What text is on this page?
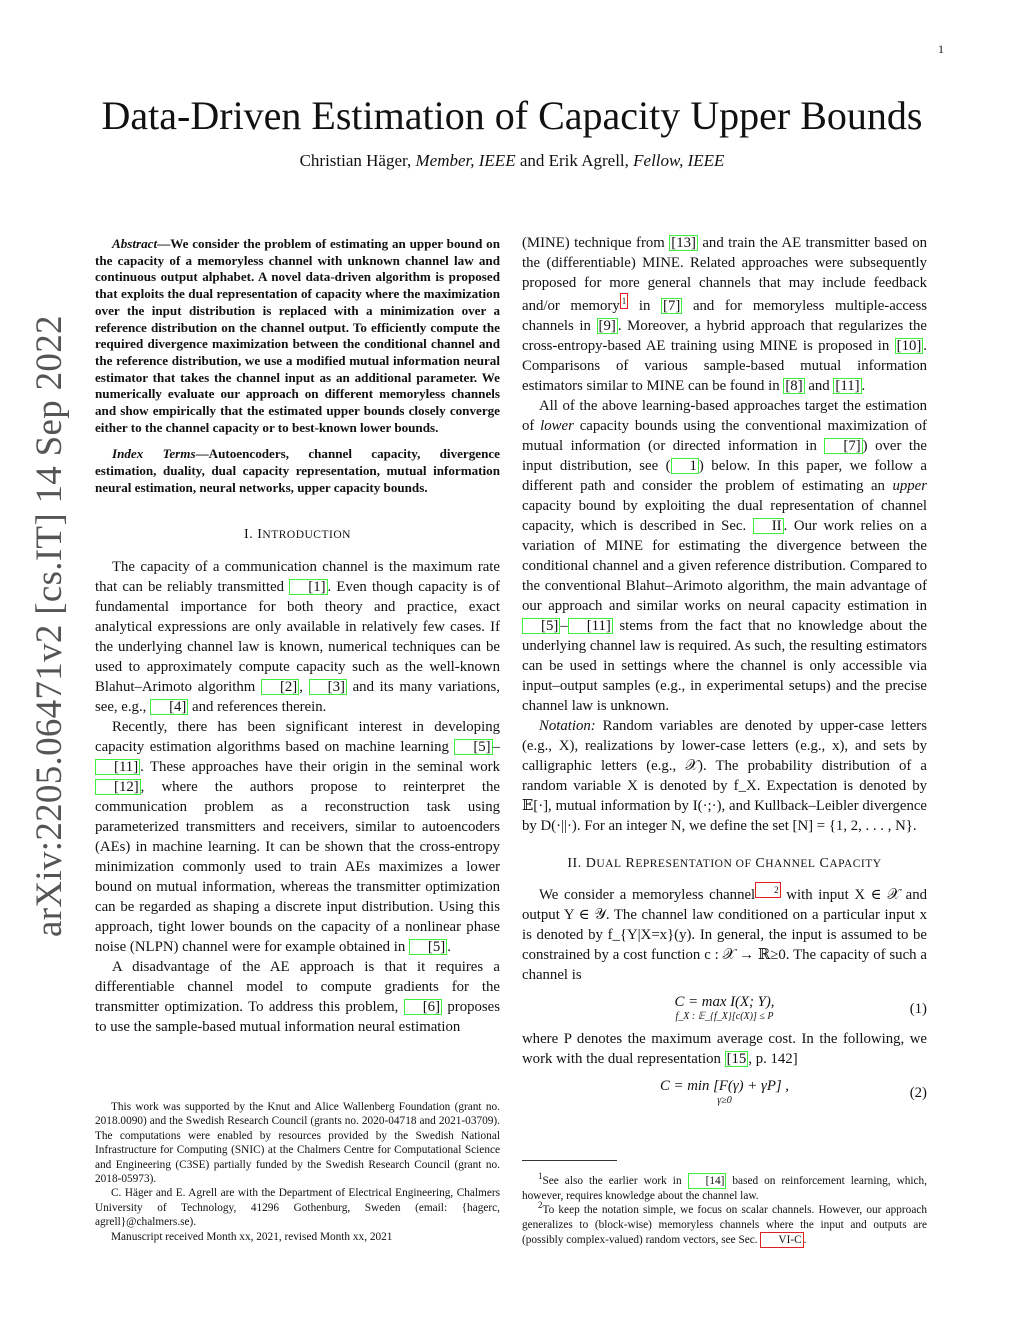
1
Data-Driven Estimation of Capacity Upper Bounds
Christian Häger, Member, IEEE and Erik Agrell, Fellow, IEEE
arXiv:2205.06471v2 [cs.IT] 14 Sep 2022

Abstract—We consider the problem of estimating an upper bound on the capacity of a memoryless channel with unknown channel law and continuous output alphabet. A novel data-driven algorithm is proposed that exploits the dual representation of capacity where the maximization over the input distribution is replaced with a minimization over a reference distribution on the channel output. To efficiently compute the required divergence maximization between the conditional channel and the reference distribution, we use a modified mutual information neural estimator that takes the channel input as an additional parameter. We numerically evaluate our approach on different memoryless channels and show empirically that the estimated upper bounds closely converge either to the channel capacity or to best-known lower bounds.

Index Terms—Autoencoders, channel capacity, divergence estimation, duality, dual capacity representation, mutual information neural estimation, neural networks, upper capacity bounds.

I. INTRODUCTION

The capacity of a communication channel is the maximum rate that can be reliably transmitted [1] . Even though capacity is of fundamental importance for both theory and practice, exact analytical expressions are only available in relatively few cases. If the underlying channel law is known, numerical techniques can be used to approximately compute capacity such as the well-known Blahut–Arimoto algorithm [2] , [3] and its many variations, see, e.g., [4] and references therein.

Recently, there has been significant interest in developing capacity estimation algorithms based on machine learning [5] –[11] . These approaches have their origin in the seminal work [12] , where the authors propose to reinterpret the communication problem as a reconstruction task using parameterized transmitters and receivers, similar to autoencoders (AEs) in machine learning. It can be shown that the cross-entropy minimization commonly used to train AEs maximizes a lower bound on mutual information, whereas the transmitter optimization can be regarded as shaping a discrete input distribution. Using this approach, tight lower bounds on the capacity of a nonlinear phase noise (NLPN) channel were for example obtained in [5] .

A disadvantage of the AE approach is that it requires a differentiable channel model to compute gradients for the transmitter optimization. To address this problem, [6] proposes to use the sample-based mutual information neural estimation

This work was supported by the Knut and Alice Wallenberg Foundation (grant no. 2018.0090) and the Swedish Research Council (grants no. 2020-04718 and 2021-03709). The computations were enabled by resources provided by the Swedish National Infrastructure for Computing (SNIC) at the Chalmers Centre for Computational Science and Engineering (C3SE) partially funded by the Swedish Research Council (grant no. 2018-05973).

C. Häger and E. Agrell are with the Department of Electrical Engineering, Chalmers University of Technology, 41296 Gothenburg, Sweden (email: {hagerc, agrell}@chalmers.se).

Manuscript received Month xx, 2021, revised Month xx, 2021

(MINE) technique from [13] and train the AE transmitter based on the (differentiable) MINE. Related approaches were subsequently proposed for more general channels that may include feedback and/or memory $^1$ in [7] and for memoryless multiple-access channels in [9] . Moreover, a hybrid approach that regularizes the cross-entropy-based AE training using MINE is proposed in [10] . Comparisons of various sample-based mutual information estimators similar to MINE can be found in [8] and [11] .

All of the above learning-based approaches target the estimation of lower capacity bounds using the conventional maximization of mutual information (or directed information in [7] ) over the input distribution, see ( 1 ) below. In this paper, we follow a different path and consider the problem of estimating an upper capacity bound by exploiting the dual representation of channel capacity, which is described in Sec. II . Our work relies on a variation of MINE for estimating the divergence between the conditional channel and a given reference distribution. Compared to the conventional Blahut–Arimoto algorithm, the main advantage of our approach and similar works on neural capacity estimation in [5] – [11] stems from the fact that no knowledge about the underlying channel law is required. As such, the resulting estimators can be used in settings where the channel is only accessible via input–output samples (e.g., in experimental setups) and the precise channel law is unknown.

Notation: Random variables are denoted by upper-case letters (e.g., X), realizations by lower-case letters (e.g., x), and sets by calligraphic letters (e.g., 𝒳). The probability distribution of a random variable X is denoted by f_X. Expectation is denoted by 𝔼[·], mutual information by I(·;·), and Kullback–Leibler divergence by D(·||·). For an integer N, we define the set [N] = {1, 2, . . . , N}.

II. DUAL REPRESENTATION OF CHANNEL CAPACITY

We consider a memoryless channel $^2$ with input X ∈ 𝒳 and output Y ∈ 𝒴. The channel law conditioned on a particular input x is denoted by f_{Y|X=x}(y). In general, the input is assumed to be constrained by a cost function c : 𝒳 → ℝ≥0. The capacity of such a channel is

C = max I(X; Y),
f_X : 𝔼_{f_X}[c(X)] ≤ P	(1)

where P denotes the maximum average cost. In the following, we work with the dual representation [15 , p. 142]

C = min [F(γ) + γP] ,
γ≥0	(2)

$^1$See also the earlier work in [14] based on reinforcement learning, which, however, requires knowledge about the channel law.

$^2$To keep the notation simple, we focus on scalar channels. However, our approach generalizes to (block-wise) memoryless channels where the input and outputs are (possibly complex-valued) random vectors, see Sec. VI-C .
